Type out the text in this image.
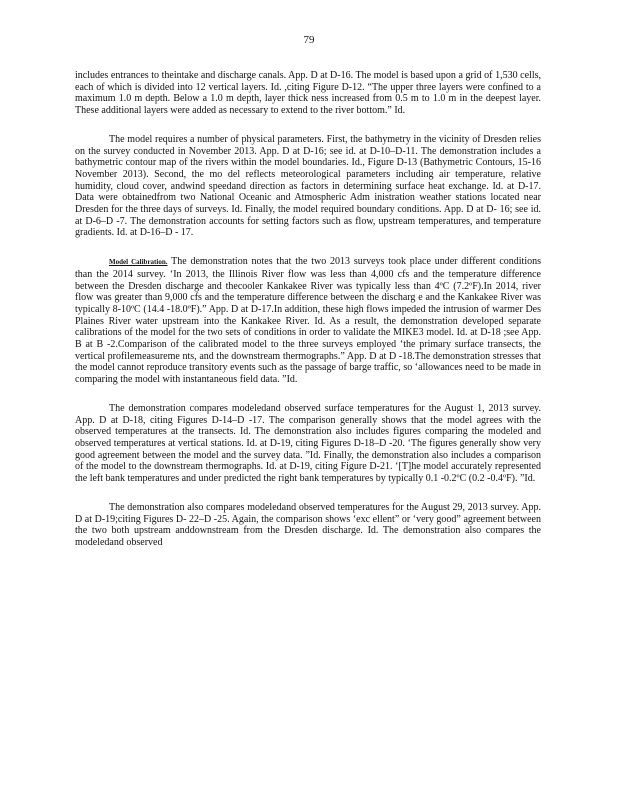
79

includes entrances to theintake and discharge canals. App. D at D-16. The model is based upon a grid of 1,530 cells, each of which is divided into 12 vertical layers. Id. ,citing Figure D-12. “The upper three layers were confined to a maximum 1.0 m depth. Below a 1.0 m depth, layer thick ness increased from 0.5 m to 1.0 m in the deepest layer. These additional layers were added as necessary to extend to the river bottom.” Id.

The model requires a number of physical parameters. First, the bathymetry in the vicinity of Dresden relies on the survey conducted in November 2013. App. D at D-16; see id. at D-10–D-11. The demonstration includes a bathymetric contour map of the rivers within the model boundaries. Id., Figure D-13 (Bathymetric Contours, 15-16 November 2013). Second, the mo del reflects meteorological parameters including air temperature, relative humidity, cloud cover, andwind speedand direction as factors in determining surface heat exchange. Id. at D-17. Data were obtainedfrom two National Oceanic and Atmospheric Adm inistration weather stations located near Dresden for the three days of surveys. Id. Finally, the model required boundary conditions. App. D at D- 16; see id. at D-6–D -7. The demonstration accounts for setting factors such as flow, upstream temperatures, and temperature gradients. Id. at D-16–D - 17.

Model Calibration. The demonstration notes that the two 2013 surveys took place under different conditions than the 2014 survey. ‘In 2013, the Illinois River flow was less than 4,000 cfs and the temperature difference between the Dresden discharge and thecooler Kankakee River was typically less than 4ºC (7.2ºF).In 2014, river flow was greater than 9,000 cfs and the temperature difference between the discharg e and the Kankakee River was typically 8-10ºC (14.4 -18.0ºF).” App. D at D-17.In addition, these high flows impeded the intrusion of warmer Des Plaines River water upstream into the Kankakee River. Id. As a result, the demonstration developed separate calibrations of the model for the two sets of conditions in order to validate the MIKE3 model. Id. at D-18 ;see App. B at B -2.Comparison of the calibrated model to the three surveys employed ‘the primary surface transects, the vertical profilemeasureme nts, and the downstream thermographs.” App. D at D -18.The demonstration stresses that the model cannot reproduce transitory events such as the passage of barge traffic, so ‘allowances need to be made in comparing the model with instantaneous field data. ”Id.

The demonstration compares modeledand observed surface temperatures for the August 1, 2013 survey. App. D at D-18, citing Figures D-14–D -17. The comparison generally shows that the model agrees with the observed temperatures at the transects. Id. The demonstration also includes figures comparing the modeled and observed temperatures at vertical stations. Id. at D-19, citing Figures D-18–D -20. ‘The figures generally show very good agreement between the model and the survey data. ”Id. Finally, the demonstration also includes a comparison of the model to the downstream thermographs. Id. at D-19, citing Figure D-21. ‘[T]he model accurately represented the left bank temperatures and under predicted the right bank temperatures by typically 0.1 -0.2ºC (0.2 -0.4ºF). ”Id.

The demonstration also compares modeledand observed temperatures for the August 29, 2013 survey. App. D at D-19;citing Figures D- 22–D -25. Again, the comparison shows ‘exc ellent” or ‘very good” agreement between the two both upstream anddownstream from the Dresden discharge. Id. The demonstration also compares the modeledand observed
